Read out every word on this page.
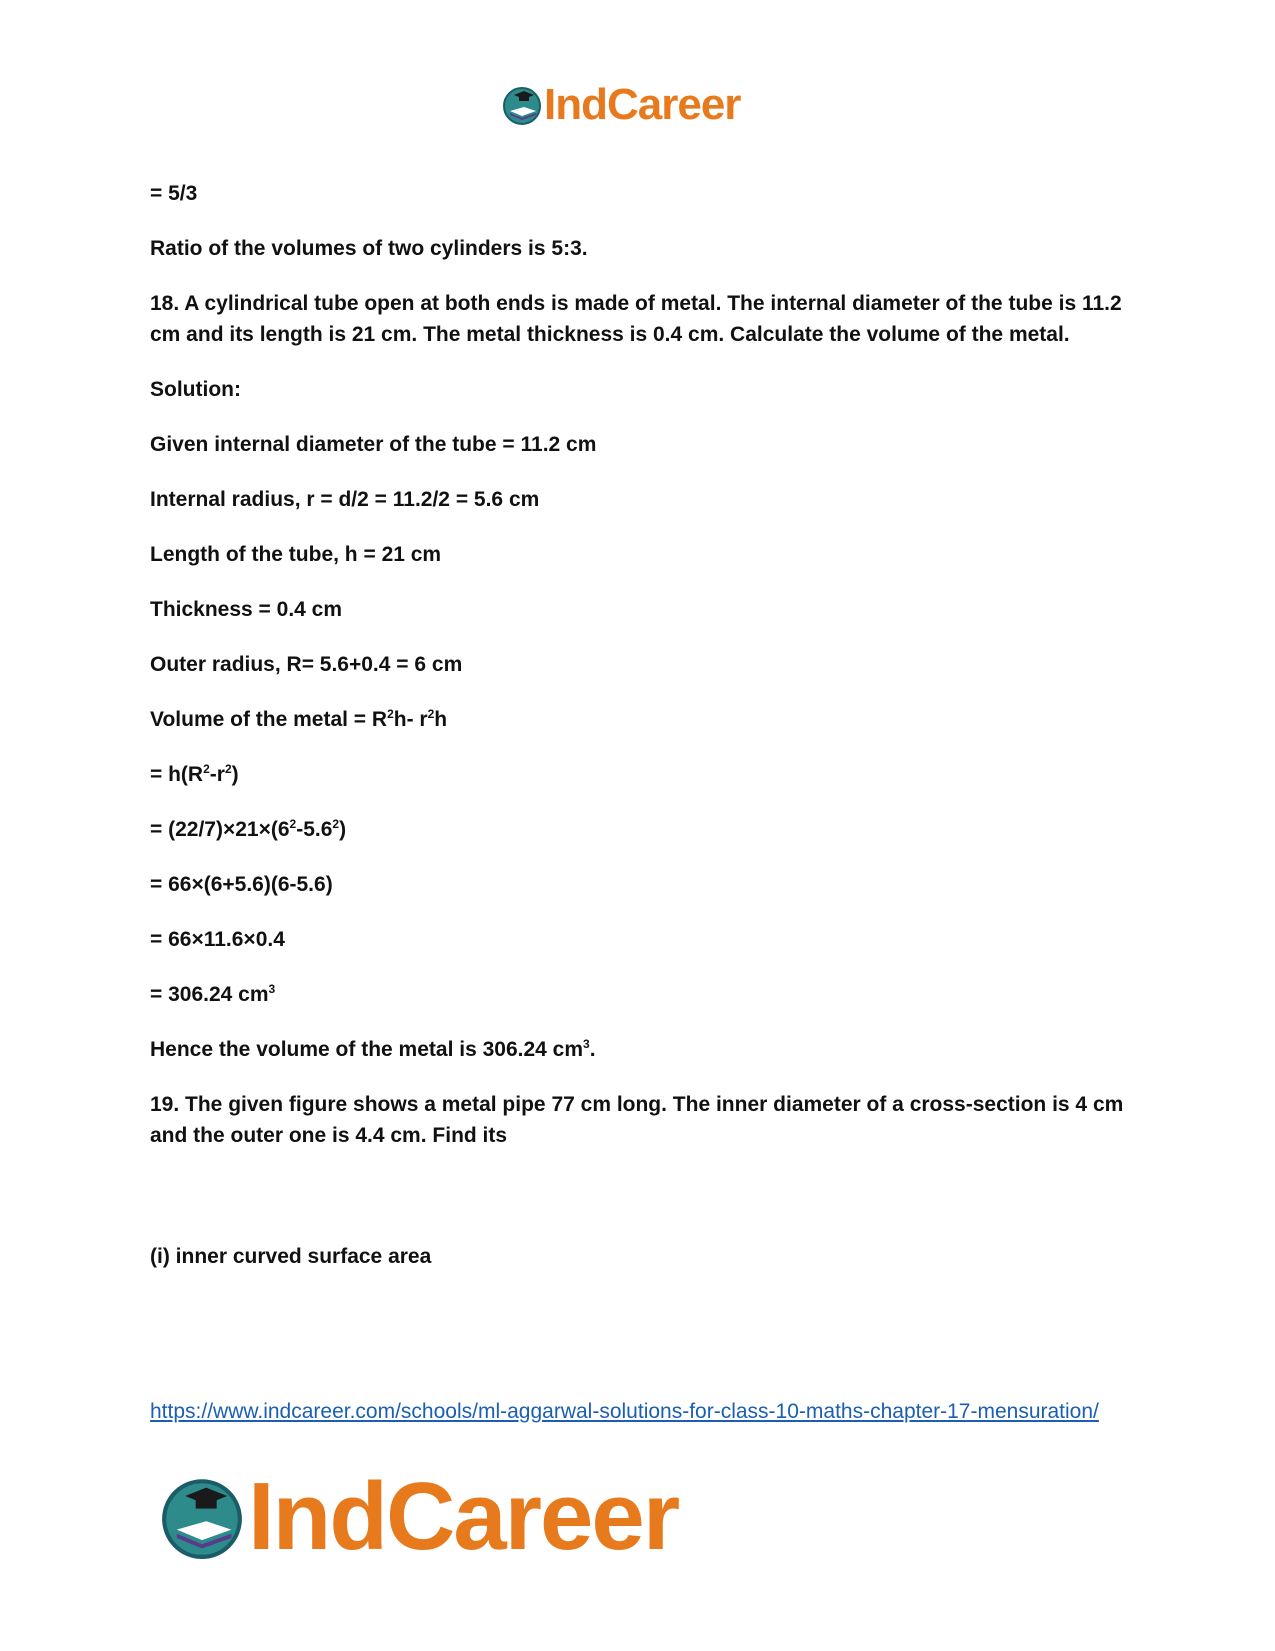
IndCareer

= 5/3

Ratio of the volumes of two cylinders is 5:3.

18. A cylindrical tube open at both ends is made of metal. The internal diameter of the tube is 11.2 cm and its length is 21 cm. The metal thickness is 0.4 cm. Calculate the volume of the metal.

Solution:

Given internal diameter of the tube = 11.2 cm

Internal radius, r = d/2 = 11.2/2 = 5.6 cm

Length of the tube, h = 21 cm

Thickness = 0.4 cm

Outer radius, R= 5.6+0.4 = 6 cm

Volume of the metal = $R^2h-$ $r^2h$

= $h(R^2-r^2)$

= $(22/7)\times 21\times(6^2-5.6^2)$

= 66×(6+5.6)(6-5.6)

= 66×11.6×0.4

= 306.24 $cm^3$

Hence the volume of the metal is 306.24 $cm^3$.

19. The given figure shows a metal pipe 77 cm long. The inner diameter of a cross-section is 4 cm and the outer one is 4.4 cm. Find its

(i) inner curved surface area

https://www.indcareer.com/schools/ml-aggarwal-solutions-for-class-10-maths-chapter-17-mensuration/
IndCareer
